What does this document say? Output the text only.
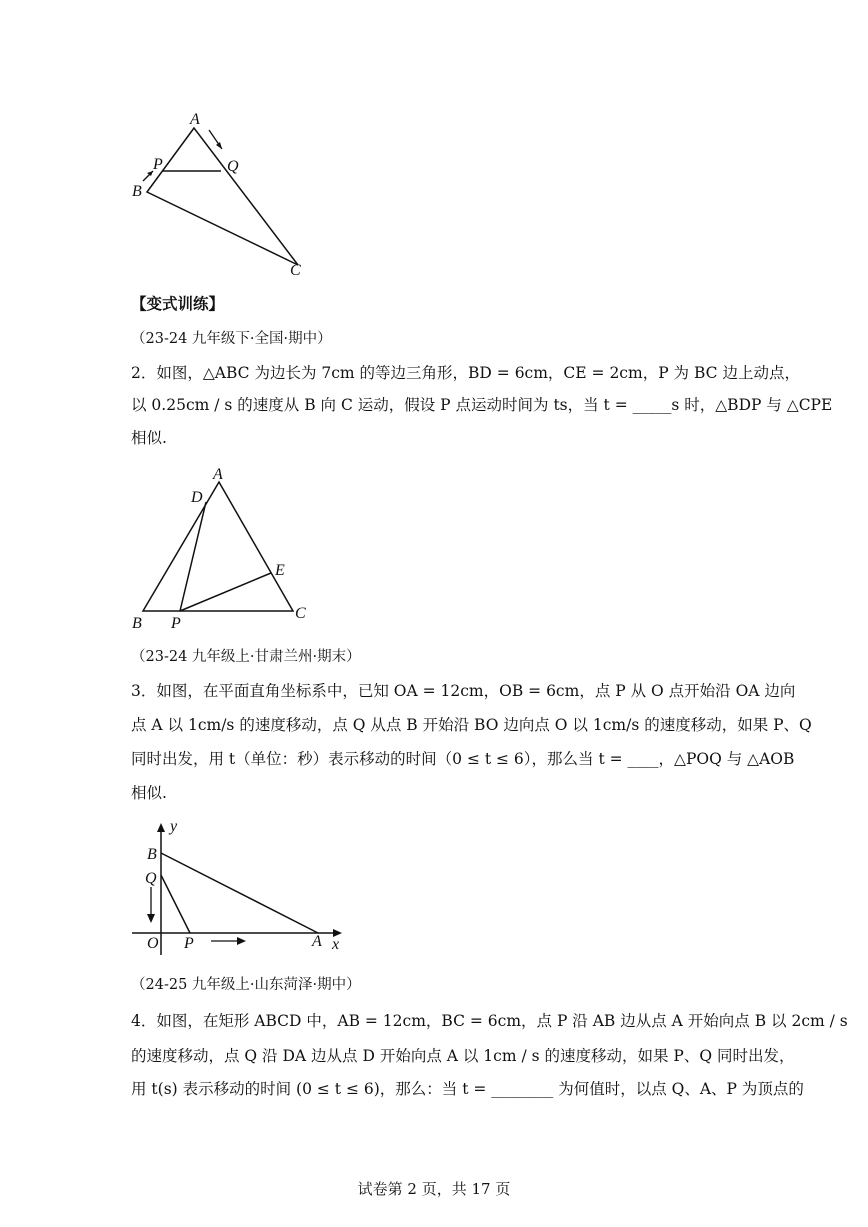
A
B
C
P	Q
【变式训练】
（23-24 九年级下·全国·期中）
2．如图，△ABC 为边长为 7cm 的等边三角形，BD = 6cm，CE = 2cm，P 为 BC 边上动点，
以 0.25cm / s 的速度从 B 向 C 运动，假设 P 点运动时间为 ts，当 t = _____s 时，△BDP 与 △CPE
相似.
A
D
E
B P
C
（23-24 九年级上·甘肃兰州·期末）
3．如图，在平面直角坐标系中，已知 OA = 12cm，OB = 6cm，点 P 从 O 点开始沿 OA 边向
点 A 以 1cm/s 的速度移动，点 Q 从点 B 开始沿 BO 边向点 O 以 1cm/s 的速度移动，如果 P、Q
同时出发，用 t（单位：秒）表示移动的时间（0 ≤ t ≤ 6），那么当 t = ____，△POQ 与 △AOB
相似.
y
x
B
Q
O P	A
（24-25 九年级上·山东菏泽·期中）
4．如图，在矩形 ABCD 中，AB = 12cm，BC = 6cm，点 P 沿 AB 边从点 A 开始向点 B 以 2cm / s
的速度移动，点 Q 沿 DA 边从点 D 开始向点 A 以 1cm / s 的速度移动，如果 P、Q 同时出发，
用 t(s) 表示移动的时间 (0 ≤ t ≤ 6)，那么：当 t = ________ 为何值时，以点 Q、A、P 为顶点的
试卷第 2 页，共 17 页
